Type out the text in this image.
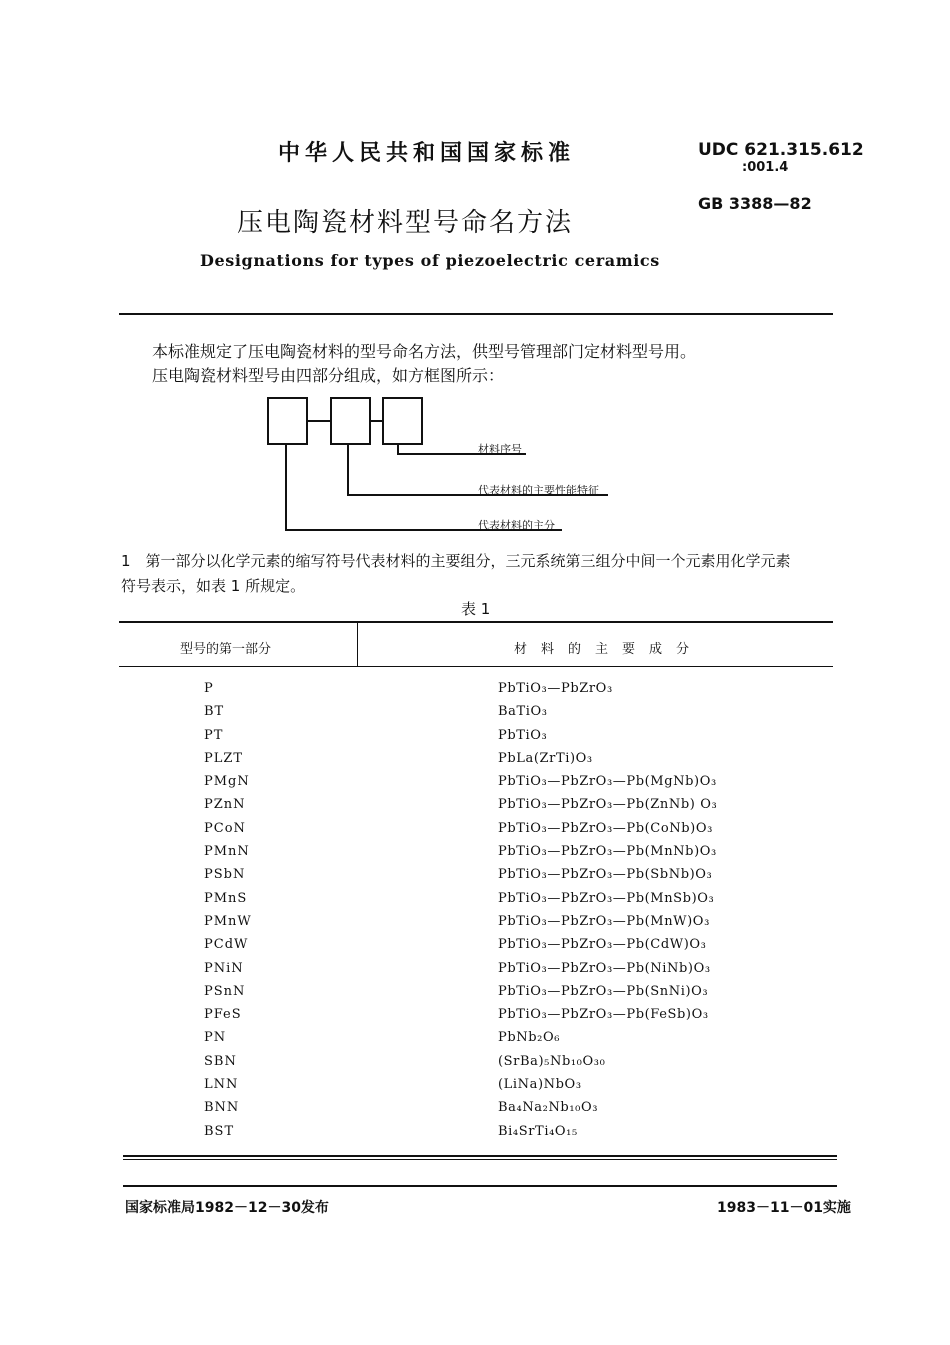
中华人民共和国国家标准	UDC 621.315.612
:001.4
GB 3388—82
压电陶瓷材料型号命名方法
Designations for types of piezoelectric ceramics
本标准规定了压电陶瓷材料的型号命名方法，供型号管理部门定材料型号用。
压电陶瓷材料型号由四部分组成，如方框图所示：
材料序号
代表材料的主要性能特征
代表材料的主分
1　第一部分以化学元素的缩写符号代表材料的主要组分，三元系统第三组分中间一个元素用化学元素
符号表示，如表 1 所规定。
表 1
型号的第一部分	材料的主要成分
P	PbTiO₃—PbZrO₃
BT	BaTiO₃
PT	PbTiO₃
PLZT	PbLa(ZrTi)O₃
PMgN	PbTiO₃—PbZrO₃—Pb(MgNb)O₃
PZnN	PbTiO₃—PbZrO₃—Pb(ZnNb) O₃
PCoN	PbTiO₃—PbZrO₃—Pb(CoNb)O₃
PMnN	PbTiO₃—PbZrO₃—Pb(MnNb)O₃
PSbN	PbTiO₃—PbZrO₃—Pb(SbNb)O₃
PMnS	PbTiO₃—PbZrO₃—Pb(MnSb)O₃
PMnW	PbTiO₃—PbZrO₃—Pb(MnW)O₃
PCdW	PbTiO₃—PbZrO₃—Pb(CdW)O₃
PNiN	PbTiO₃—PbZrO₃—Pb(NiNb)O₃
PSnN	PbTiO₃—PbZrO₃—Pb(SnNi)O₃
PFeS	PbTiO₃—PbZrO₃—Pb(FeSb)O₃
PN	PbNb₂O₆
SBN	(SrBa)₅Nb₁₀O₃₀
LNN	(LiNa)NbO₃
BNN	Ba₄Na₂Nb₁₀O₃
BST	Bi₄SrTi₄O₁₅
国家标准局1982－12－30发布	1983－11－01实施
